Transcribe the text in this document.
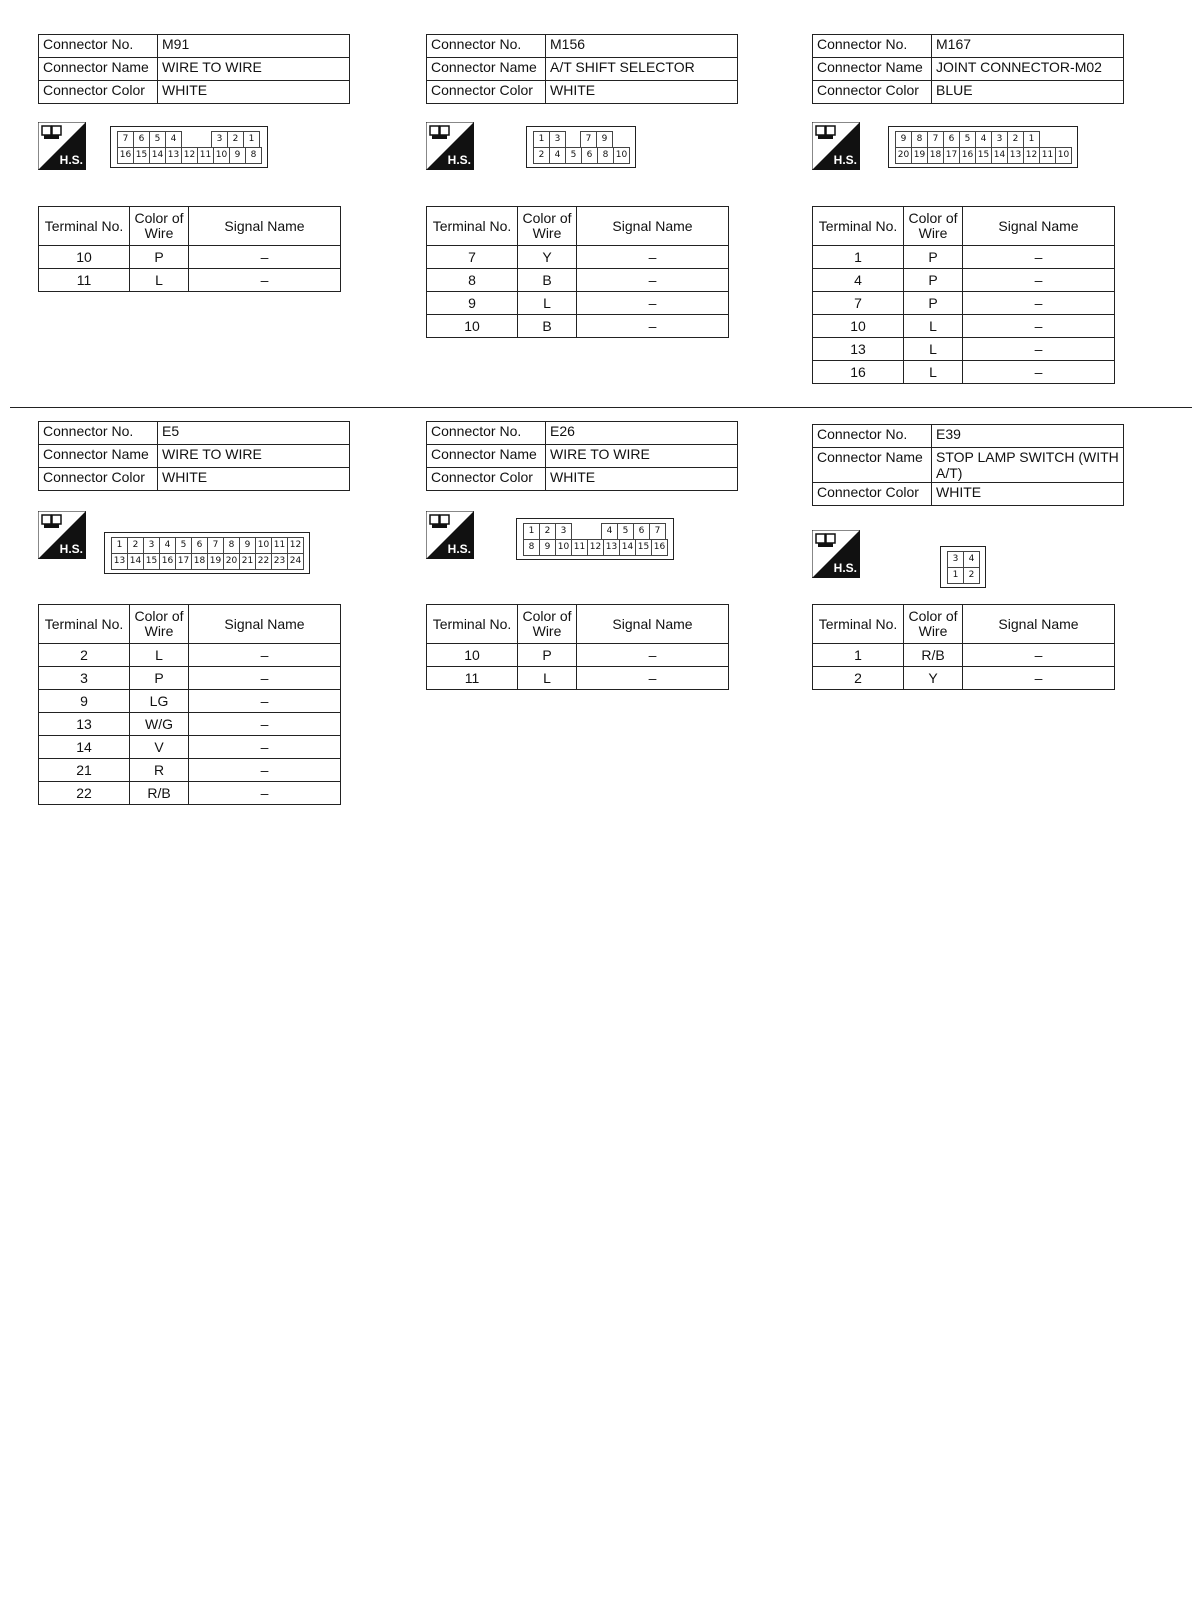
Connector No.	M91
Connector Name	WIRE TO WIRE
Connector Color	WHITE
H.S.
7	6	5	4	3	2	1
16 15 14 13 12 11 10 9	8
Terminal No.	Color of Wire	Signal Name
10	P	–
11	L	–
Connector No.	M156
Connector Name	A/T SHIFT SELECTOR
Connector Color	WHITE
H.S.
1	3	7	9
2	4	5	6	8 10
Terminal No.	Color of Wire	Signal Name
7	Y	–
8	B	–
9	L	–
10	B	–
Connector No.	M167
Connector Name	JOINT CONNECTOR-M02
Connector Color	BLUE
H.S.
9	8	7	6	5	4	3	2	1
20 19 18 17 16 15 14 13 12 11 10
Terminal No.	Color of Wire	Signal Name
1	P	–
4	P	–
7	P	–
10	L	–
13	L	–
16	L	–
Connector No.	E5
Connector Name	WIRE TO WIRE
Connector Color	WHITE
H.S.	1	2	3	4	5	6	7	8	9 10 11 12
13 14 15 16 17 18 19 20 21 22 23 24
Terminal No.	Color of Wire	Signal Name
2	L	–
3	P	–
9	LG	–
13	W/G	–
14	V	–
21	R	–
22	R/B	–
Connector No.	E26
Connector Name	WIRE TO WIRE
Connector Color	WHITE
H.S.
1	2	3	4	5	6	7
8	9 10 11 12 13 14 15 16
Terminal No.	Color of Wire	Signal Name
10	P	–
11	L	–
Connector No.	E39
Connector Name	STOP LAMP SWITCH (WITH A/T)
Connector Color	WHITE
H.S.
3	4
1	2
Terminal No.	Color of Wire	Signal Name
1	R/B	–
2	Y	–
